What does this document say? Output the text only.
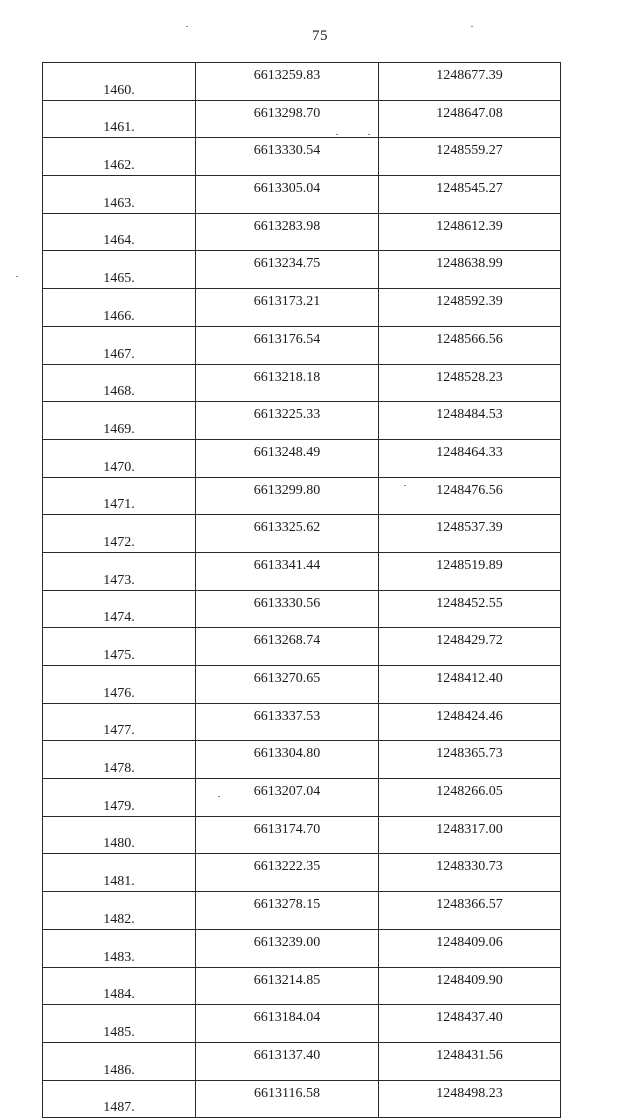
75
1460.	6613259.83	1248677.39
1461.	6613298.70	1248647.08
1462.	6613330.54	1248559.27
1463.	6613305.04	1248545.27
1464.	6613283.98	1248612.39
1465.	6613234.75	1248638.99
1466.	6613173.21	1248592.39
1467.	6613176.54	1248566.56
1468.	6613218.18	1248528.23
1469.	6613225.33	1248484.53
1470.	6613248.49	1248464.33
1471.	6613299.80	1248476.56
1472.	6613325.62	1248537.39
1473.	6613341.44	1248519.89
1474.	6613330.56	1248452.55
1475.	6613268.74	1248429.72
1476.	6613270.65	1248412.40
1477.	6613337.53	1248424.46
1478.	6613304.80	1248365.73
1479.	6613207.04	1248266.05
1480.	6613174.70	1248317.00
1481.	6613222.35	1248330.73
1482.	6613278.15	1248366.57
1483.	6613239.00	1248409.06
1484.	6613214.85	1248409.90
1485.	6613184.04	1248437.40
1486.	6613137.40	1248431.56
1487.	6613116.58	1248498.23
